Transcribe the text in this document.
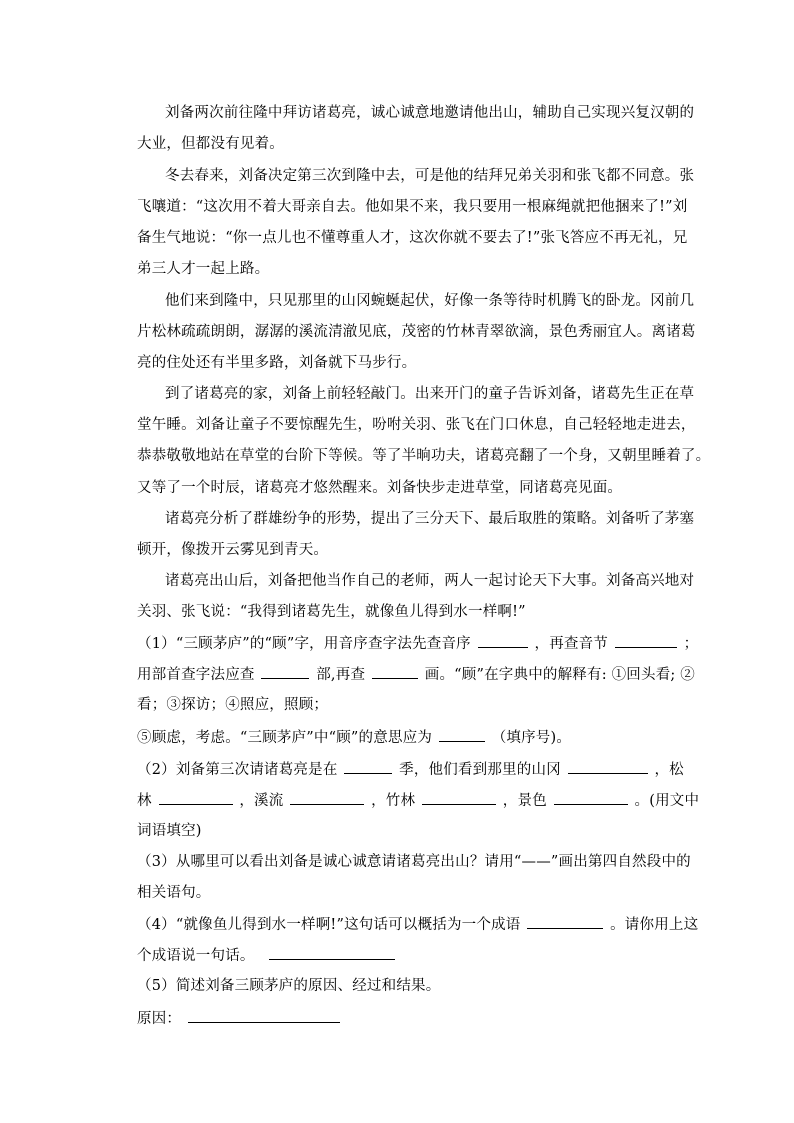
刘备两次前往隆中拜访诸葛亮，诚心诚意地邀请他出山，辅助自己实现兴复汉朝的
大业，但都没有见着。
冬去春来，刘备决定第三次到隆中去，可是他的结拜兄弟关羽和张飞都不同意。张
飞嚷道：“这次用不着大哥亲自去。他如果不来，我只要用一根麻绳就把他捆来了!”刘
备生气地说：“你一点儿也不懂尊重人才，这次你就不要去了!”张飞答应不再无礼，兄
弟三人才一起上路。
他们来到隆中，只见那里的山冈蜿蜒起伏，好像一条等待时机腾飞的卧龙。冈前几
片松林疏疏朗朗，潺潺的溪流清澈见底，茂密的竹林青翠欲滴，景色秀丽宜人。离诸葛
亮的住处还有半里多路，刘备就下马步行。
到了诸葛亮的家，刘备上前轻轻敲门。出来开门的童子告诉刘备，诸葛先生正在草
堂午睡。刘备让童子不要惊醒先生，吩咐关羽、张飞在门口休息，自己轻轻地走进去，
恭恭敬敬地站在草堂的台阶下等候。等了半晌功夫，诸葛亮翻了一个身，又朝里睡着了。
又等了一个时辰，诸葛亮才悠然醒来。刘备快步走进草堂，同诸葛亮见面。
诸葛亮分析了群雄纷争的形势，提出了三分天下、最后取胜的策略。刘备听了茅塞
顿开，像拨开云雾见到青天。
诸葛亮出山后，刘备把他当作自己的老师，两人一起讨论天下大事。刘备高兴地对
关羽、张飞说：“我得到诸葛先生，就像鱼儿得到水一样啊!”
（1）“三顾茅庐”的“顾”字，用音序查字法先查音序	，再查音节	；
用部首查字法应查	部,再查	画。“顾”在字典中的解释有: ①回头看; ②
看；③探访；④照应，照顾；
⑤顾虑，考虑。“三顾茅庐”中“顾”的意思应为	（填序号)。
（2）刘备第三次请诸葛亮是在	季，他们看到那里的山冈	，松
林	，溪流	，竹林	，景色	。(用文中
词语填空)
（3）从哪里可以看出刘备是诚心诚意请诸葛亮出山？请用“——”画出第四自然段中的
相关语句。
（4）“就像鱼儿得到水一样啊!”这句话可以概括为一个成语	。请你用上这
个成语说一句话。
（5）简述刘备三顾茅庐的原因、经过和结果。
原因：
